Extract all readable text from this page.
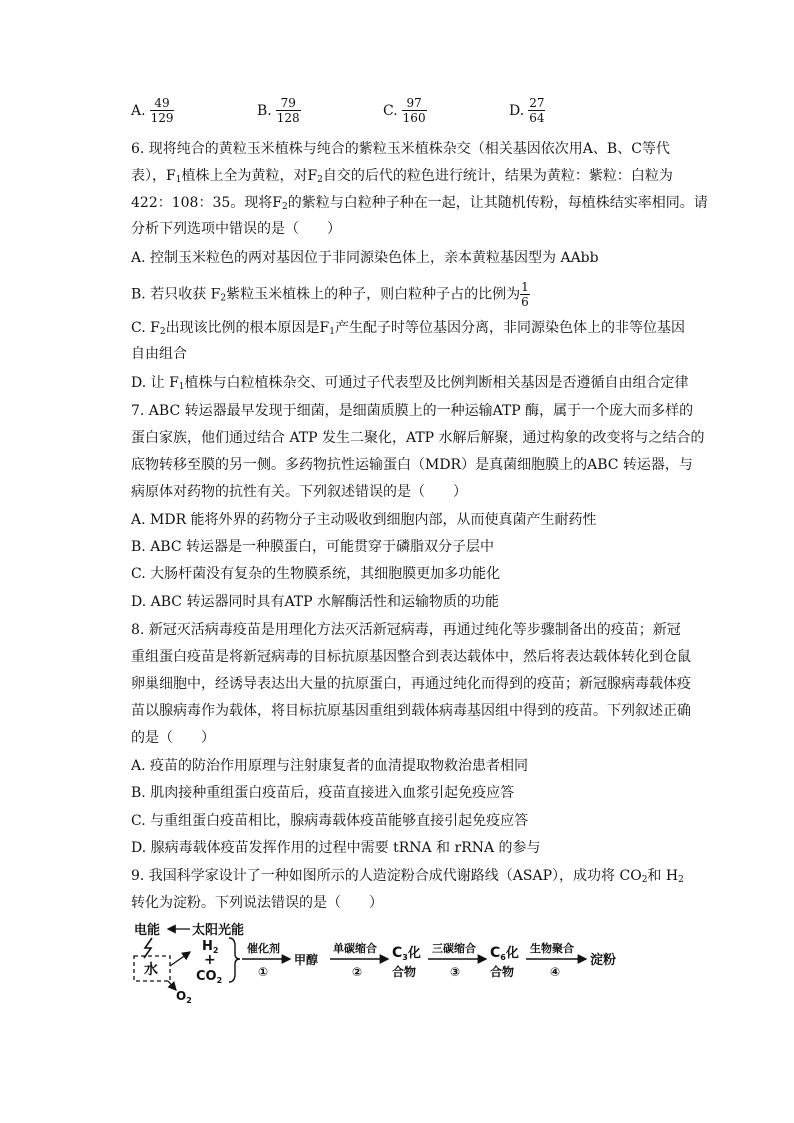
A. $\frac{49}{129}$	B. $\frac{79}{128}$	C. $\frac{97}{160}$	D. $\frac{27}{64}$
6. 现将纯合的黄粒玉米植株与纯合的紫粒玉米植株杂交（相关基因依次用A、B、C等代
表），$F_1$植株上全为黄粒，对$F_2$自交的后代的粒色进行统计，结果为黄粒：紫粒：白粒为
422：108：35。现将$F_2$的紫粒与白粒种子种在一起，让其随机传粉，每植株结实率相同。请
分析下列选项中错误的是（　　）
A. 控制玉米粒色的两对基因位于非同源染色体上，亲本黄粒基因型为 AAbb
B. 若只收获 $F_2$紫粒玉米植株上的种子，则白粒种子占的比例为 $\frac{1}{6}$
C. $F_2$出现该比例的根本原因是$F_1$产生配子时等位基因分离，非同源染色体上的非等位基因
自由组合
D. 让 $F_1$植株与白粒植株杂交、可通过子代表型及比例判断相关基因是否遵循自由组合定律
7. ABC 转运器最早发现于细菌，是细菌质膜上的一种运输ATP 酶，属于一个庞大而多样的
蛋白家族，他们通过结合 ATP 发生二聚化，ATP 水解后解聚，通过构象的改变将与之结合的
底物转移至膜的另一侧。多药物抗性运输蛋白（MDR）是真菌细胞膜上的ABC 转运器，与
病原体对药物的抗性有关。下列叙述错误的是（　　）
A. MDR 能将外界的药物分子主动吸收到细胞内部，从而使真菌产生耐药性
B. ABC 转运器是一种膜蛋白，可能贯穿于磷脂双分子层中
C. 大肠杆菌没有复杂的生物膜系统，其细胞膜更加多功能化
D. ABC 转运器同时具有ATP 水解酶活性和运输物质的功能
8. 新冠灭活病毒疫苗是用理化方法灭活新冠病毒，再通过纯化等步骤制备出的疫苗；新冠
重组蛋白疫苗是将新冠病毒的目标抗原基因整合到表达载体中，然后将表达载体转化到仓鼠
卵巢细胞中，经诱导表达出大量的抗原蛋白，再通过纯化而得到的疫苗；新冠腺病毒载体疫
苗以腺病毒作为载体，将目标抗原基因重组到载体病毒基因组中得到的疫苗。下列叙述正确
的是（　　）
A. 疫苗的防治作用原理与注射康复者的血清提取物救治患者相同
B. 肌肉接种重组蛋白疫苗后，疫苗直接进入血浆引起免疫应答
C. 与重组蛋白疫苗相比，腺病毒载体疫苗能够直接引起免疫应答
D. 腺病毒载体疫苗发挥作用的过程中需要 tRNA 和 rRNA 的参与
9. 我国科学家设计了一种如图所示的人造淀粉合成代谢路线（ASAP），成功将 $CO_2$和 $H_2$
转化为淀粉。下列说法错误的是（　　）
电能 太阳光能
水
$O_2$
$H_2$
+
$CO_2$
催化剂
①
甲醇
单碳缩合
②
$C_3$化
合物
三碳缩合
③
$C_6$化
合物
生物聚合
④
淀粉
